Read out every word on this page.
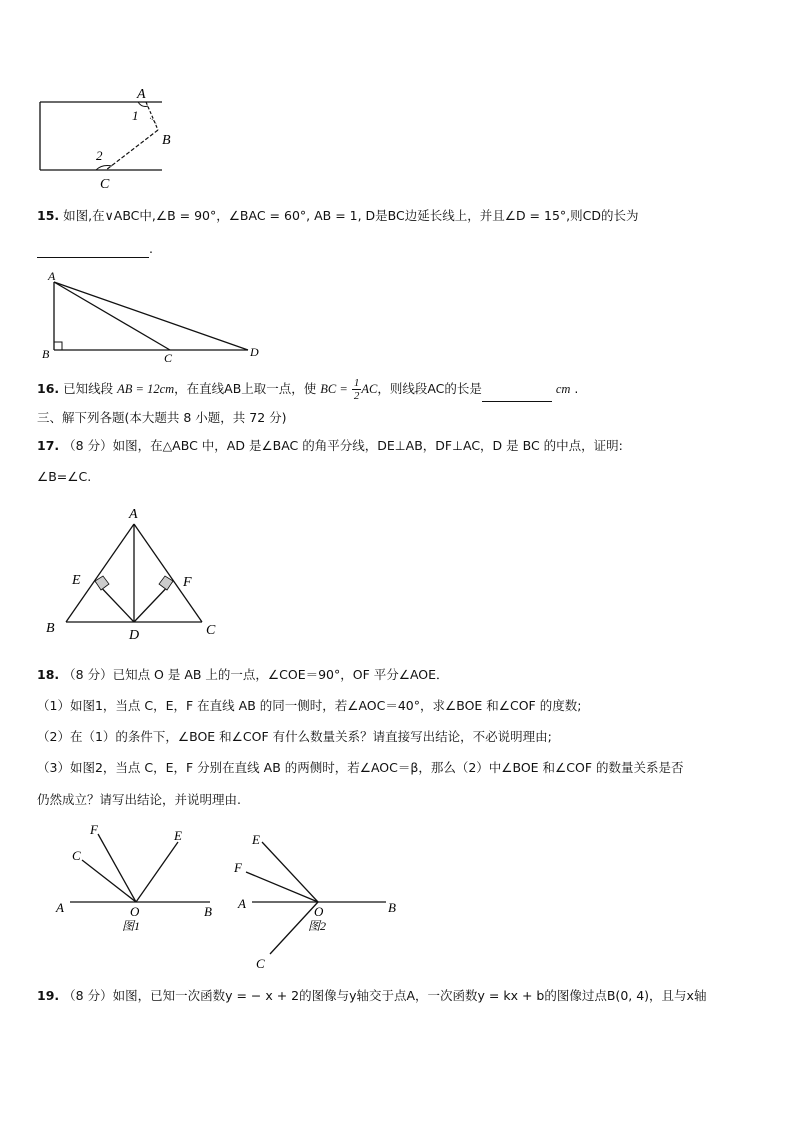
A
1
B
2
C
15. 如图,在∨ABC中,∠B = 90°，∠BAC = 60°, AB = 1, D是BC边延长线上，并且∠D = 15°,则CD的长为
.
A
B	C	D
16. 已知线段 AB = 12cm，在直线AB上取一点，使 BC = $\frac{1}{2}$ AC，则线段AC的长是	cm .
三、解下列各题(本大题共 8 小题，共 72 分)
17. （8 分）如图，在△ABC 中，AD 是∠BAC 的角平分线，DE⊥AB，DF⊥AC，D 是 BC 的中点，证明:
∠B=∠C.
A
E	F
B	D	C
18. （8 分）已知点 O 是 AB 上的一点，∠COE＝90°，OF 平分∠AOE．
（1）如图1，当点 C，E，F 在直线 AB 的同一侧时，若∠AOC＝40°，求∠BOE 和∠COF 的度数;
（2）在（1）的条件下，∠BOE 和∠COF 有什么数量关系？请直接写出结论，不必说明理由;
（3）如图2，当点 C，E，F 分别在直线 AB 的两侧时，若∠AOC＝β，那么（2）中∠BOE 和∠COF 的数量关系是否
仍然成立？请写出结论，并说明理由.
F
C
E
A	O	B
图1
E
F
A
O	B
图2
C
19. （8 分）如图，已知一次函数y = − x + 2的图像与y轴交于点A，一次函数y = kx + b的图像过点B(0, 4)，且与x轴
